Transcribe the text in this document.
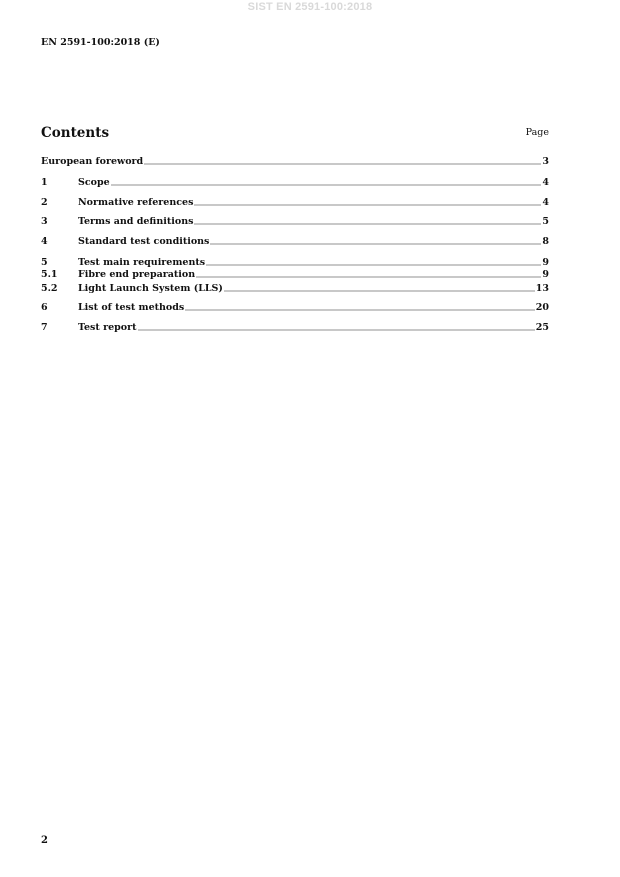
SIST EN 2591-100:2018
EN 2591-100:2018 (E)
Contents	Page
European foreword	3
1	Scope	4
2	Normative references	4
3	Terms and definitions	5
4	Standard test conditions	8
5	Test main requirements	9
5.1	Fibre end preparation	9
5.2	Light Launch System (LLS)	13
6	List of test methods	20
7	Test report	25
2
